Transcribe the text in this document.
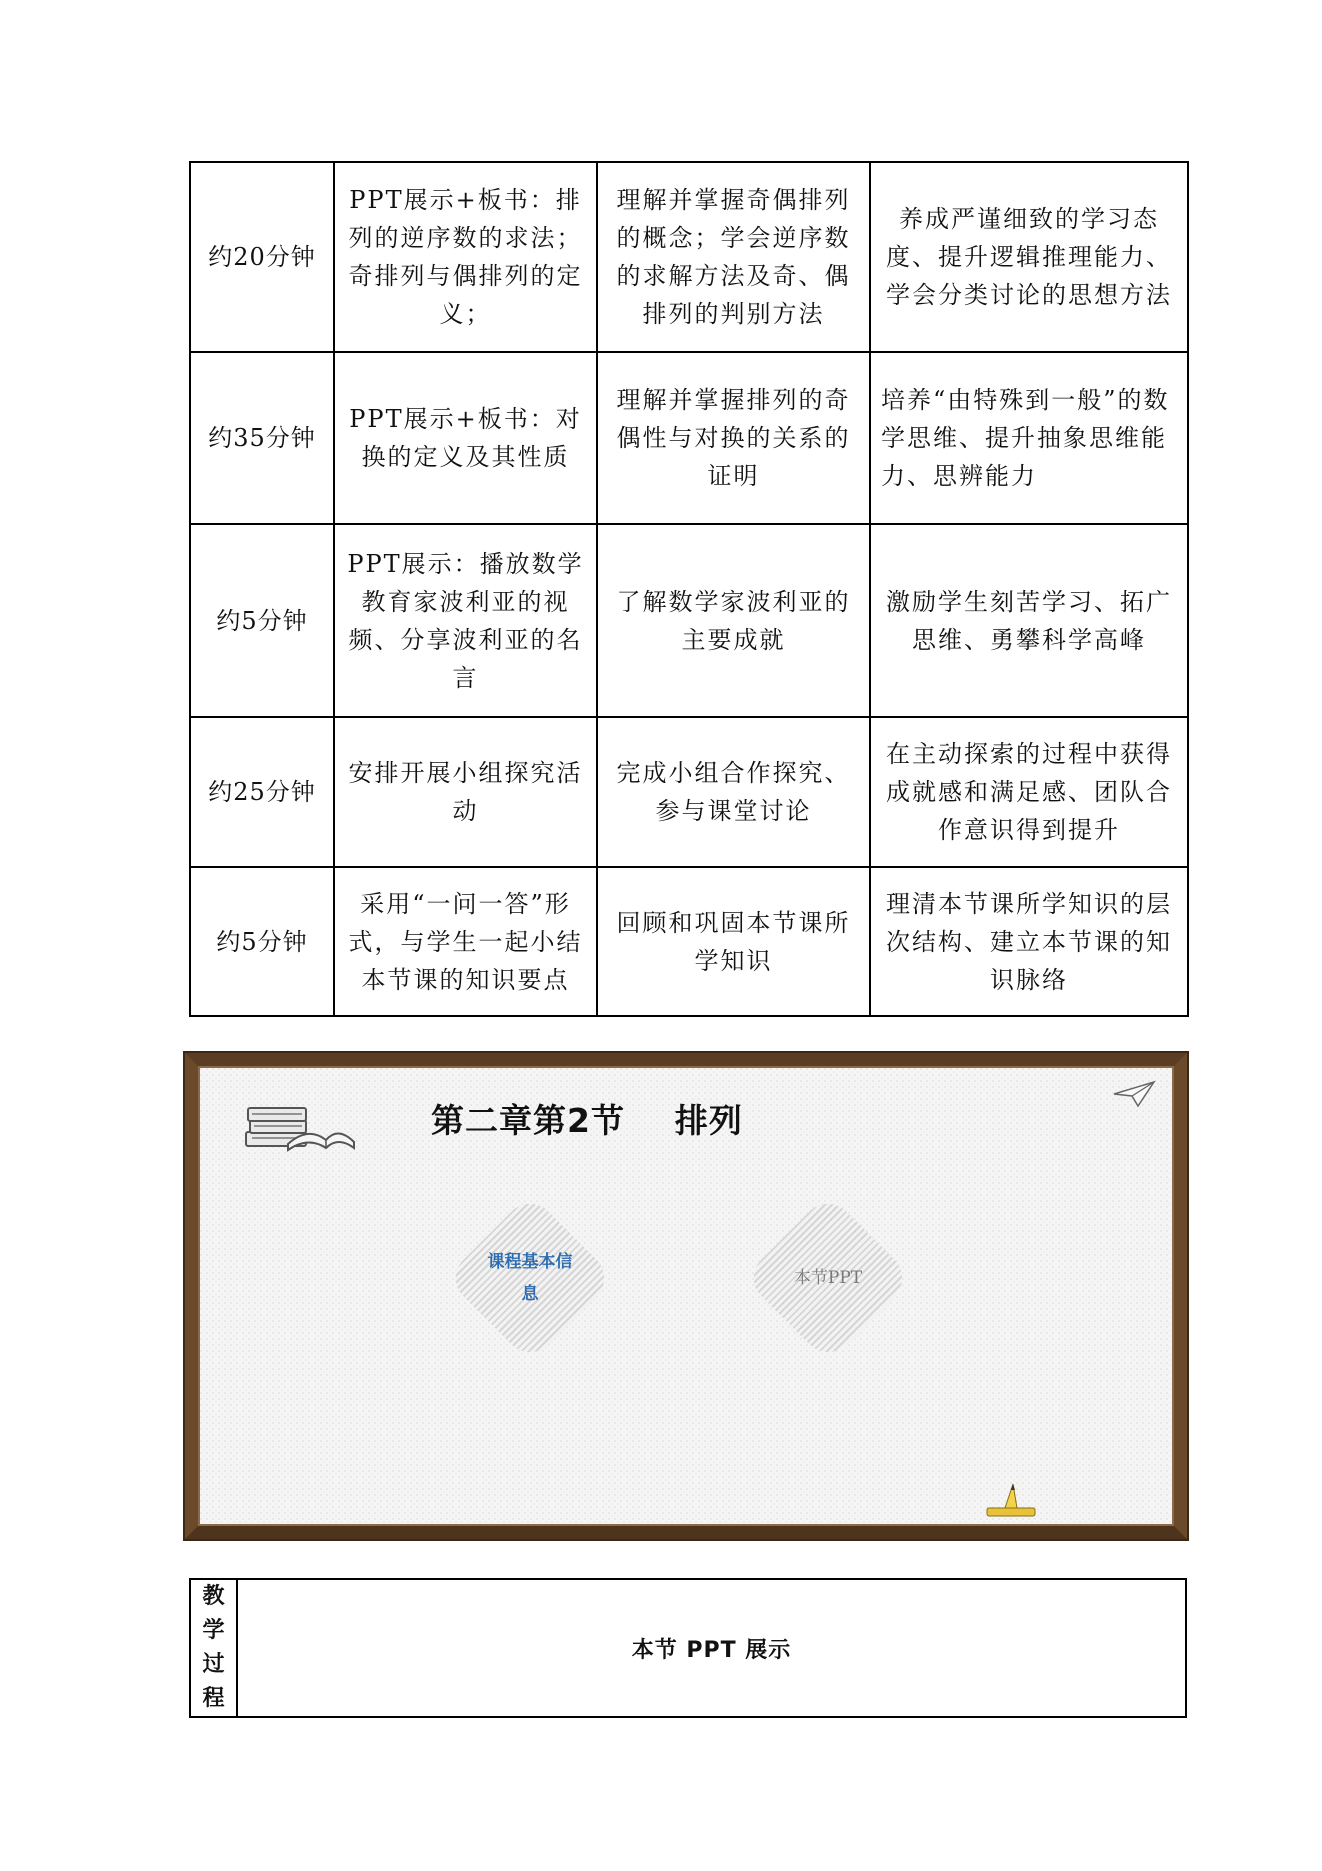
约20分钟	PPT展示+板书：排列的逆序数的求法；奇排列与偶排列的定义；	理解并掌握奇偶排列的概念；学会逆序数的求解方法及奇、偶排列的判别方法	养成严谨细致的学习态度、提升逻辑推理能力、学会分类讨论的思想方法
约35分钟	PPT展示+板书：对换的定义及其性质	理解并掌握排列的奇偶性与对换的关系的证明	培养“由特殊到一般”的数学思维、提升抽象思维能力、思辨能力
约5分钟	PPT展示：播放数学教育家波利亚的视频、分享波利亚的名言	了解数学家波利亚的主要成就	激励学生刻苦学习、拓广思维、勇攀科学高峰
约25分钟	安排开展小组探究活动	完成小组合作探究、参与课堂讨论	在主动探索的过程中获得成就感和满足感、团队合作意识得到提升
约5分钟	采用“一问一答”形式，与学生一起小结本节课的知识要点	回顾和巩固本节课所学知识	理清本节课所学知识的层次结构、建立本节课的知识脉络
第二章第2节    排列
课程基本信息
本节PPT
教
学
过
程
	本节 PPT 展示
